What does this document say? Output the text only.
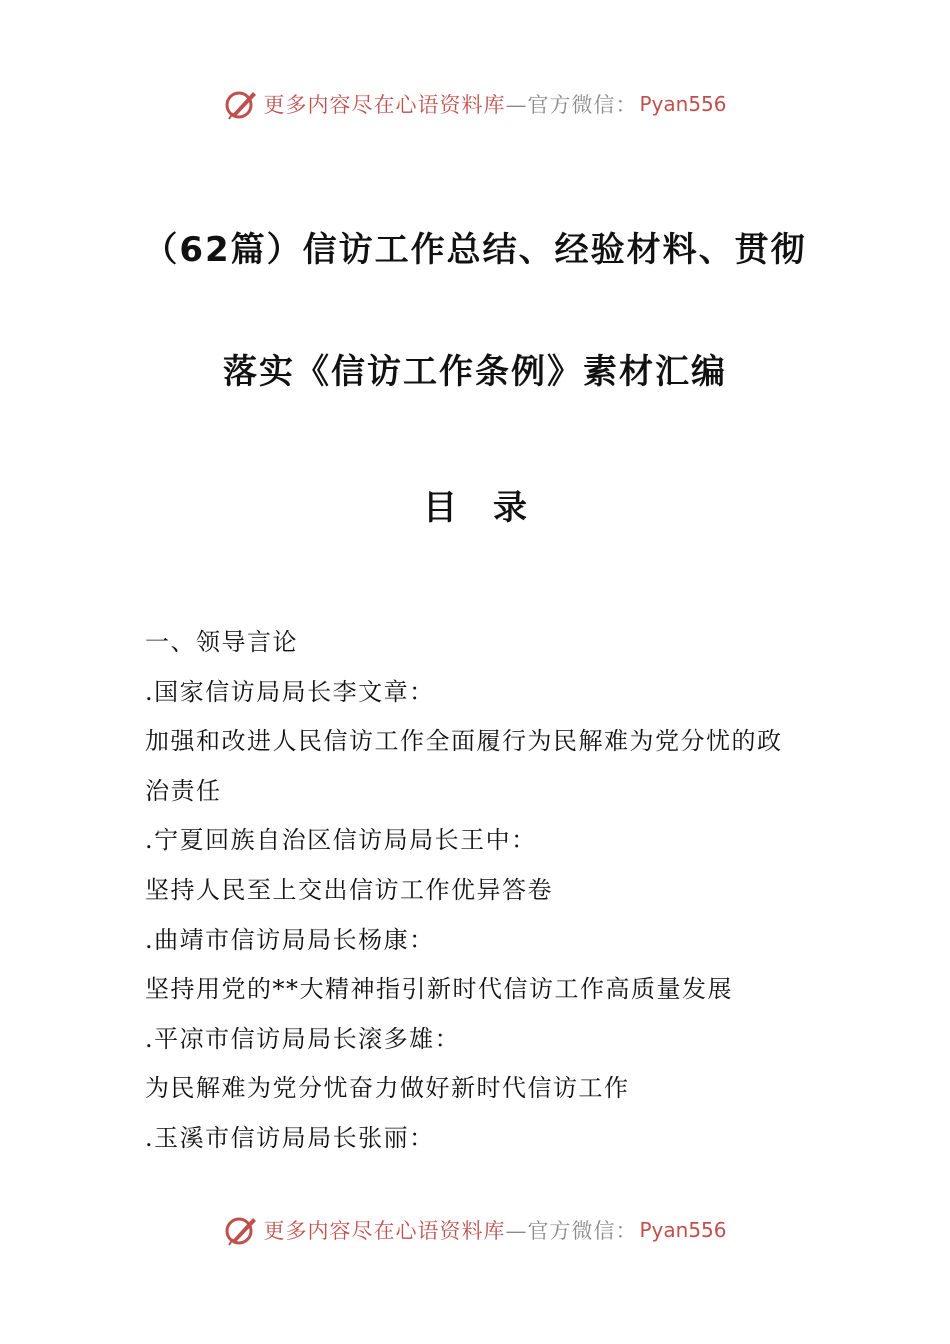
更多内容尽在心语资料库 —官方微信： Pyan556
（62篇）信访工作总结、经验材料、贯彻
落实《信访工作条例》素材汇编
目录
一、领导言论
.国家信访局局长李文章：
加强和改进人民信访工作全面履行为民解难为党分忧的政
治责任
.宁夏回族自治区信访局局长王中：
坚持人民至上交出信访工作优异答卷
.曲靖市信访局局长杨康：
坚持用党的**大精神指引新时代信访工作高质量发展
.平凉市信访局局长滚多雄：
为民解难为党分忧奋力做好新时代信访工作
.玉溪市信访局局长张丽：
更多内容尽在心语资料库 —官方微信： Pyan556
